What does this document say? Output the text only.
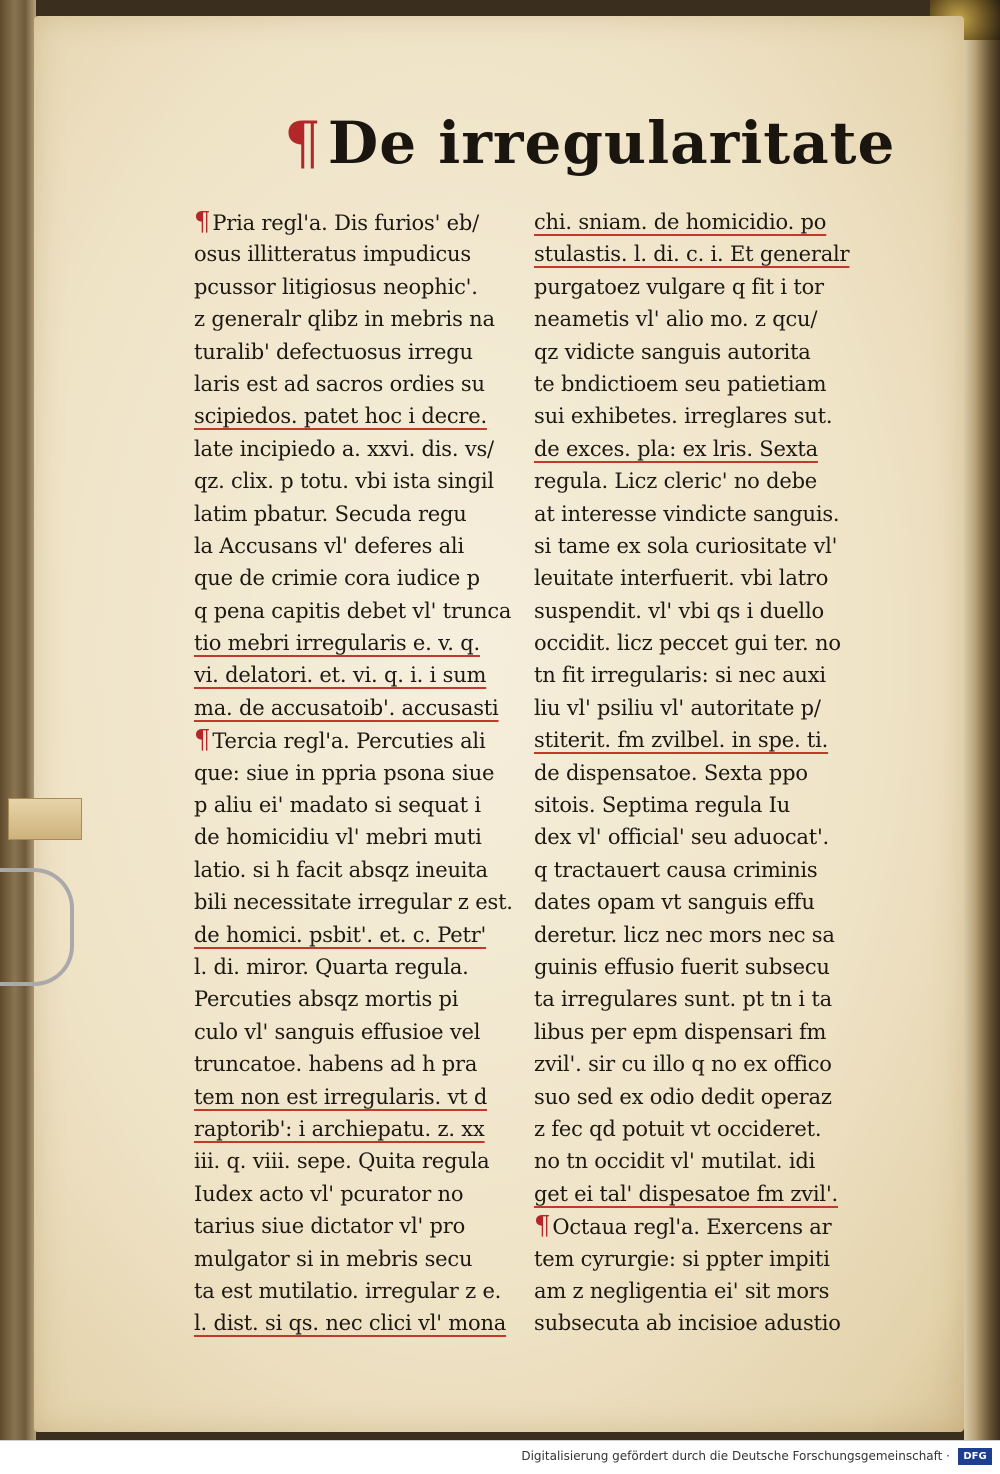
¶ De irregularitate
¶Pria regl'a. Dis furios' eb/
osus illitteratus impudicus
pcussor litigiosus neophic'.
z generalr qlibz in mebris na
turalib' defectuosus irregu
laris est ad sacros ordies su
scipiedos. patet hoc i decre.
late incipiedo a. xxvi. dis. vs/
qz. clix. p totu. vbi ista singil
latim pbatur. Secuda regu
la Accusans vl' deferes ali
que de crimie cora iudice p
q pena capitis debet vl' trunca
tio mebri irregularis e. v. q.
vi. delatori. et. vi. q. i. i sum
ma. de accusatoib'. accusasti
¶Tercia regl'a. Percuties ali
que: siue in ppria psona siue
p aliu ei' madato si sequat i
de homicidiu vl' mebri muti
latio. si h facit absqz ineuita
bili necessitate irregular z est.
de homici. psbit'. et. c. Petr'
l. di. miror. Quarta regula.
Percuties absqz mortis pi
culo vl' sanguis effusioe vel
truncatoe. habens ad h pra
tem non est irregularis. vt d
raptorib': i archiepatu. z. xx
iii. q. viii. sepe. Quita regula
Iudex acto vl' pcurator no
tarius siue dictator vl' pro
mulgator si in mebris secu
ta est mutilatio. irregular z e.
l. dist. si qs. nec clici vl' mona
chi. sniam. de homicidio. po
stulastis. l. di. c. i. Et generalr
purgatoez vulgare q fit i tor
neametis vl' alio mo. z qcu/
qz vidicte sanguis autorita
te bndictioem seu patietiam
sui exhibetes. irreglares sut.
de exces. pla: ex lris. Sexta
regula. Licz cleric' no debe
at interesse vindicte sanguis.
si tame ex sola curiositate vl'
leuitate interfuerit. vbi latro
suspendit. vl' vbi qs i duello
occidit. licz peccet gui ter. no
tn fit irregularis: si nec auxi
liu vl' psiliu vl' autoritate p/
stiterit. fm zvilbel. in spe. ti.
de dispensatoe. Sexta ppo
sitois. Septima regula Iu
dex vl' official' seu aduocat'.
q tractauert causa criminis
dates opam vt sanguis effu
deretur. licz nec mors nec sa
guinis effusio fuerit subsecu
ta irregulares sunt. pt tn i ta
libus per epm dispensari fm
zvil'. sir cu illo q no ex offico
suo sed ex odio dedit operaz
z fec qd potuit vt occideret.
no tn occidit vl' mutilat. idi
get ei tal' dispesatoe fm zvil'.
¶Octaua regl'a. Exercens ar
tem cyrurgie: si ppter impiti
am z negligentia ei' sit mors
subsecuta ab incisioe adustio
Digitalisierung gefördert durch die Deutsche Forschungsgemeinschaft ·	DFG
